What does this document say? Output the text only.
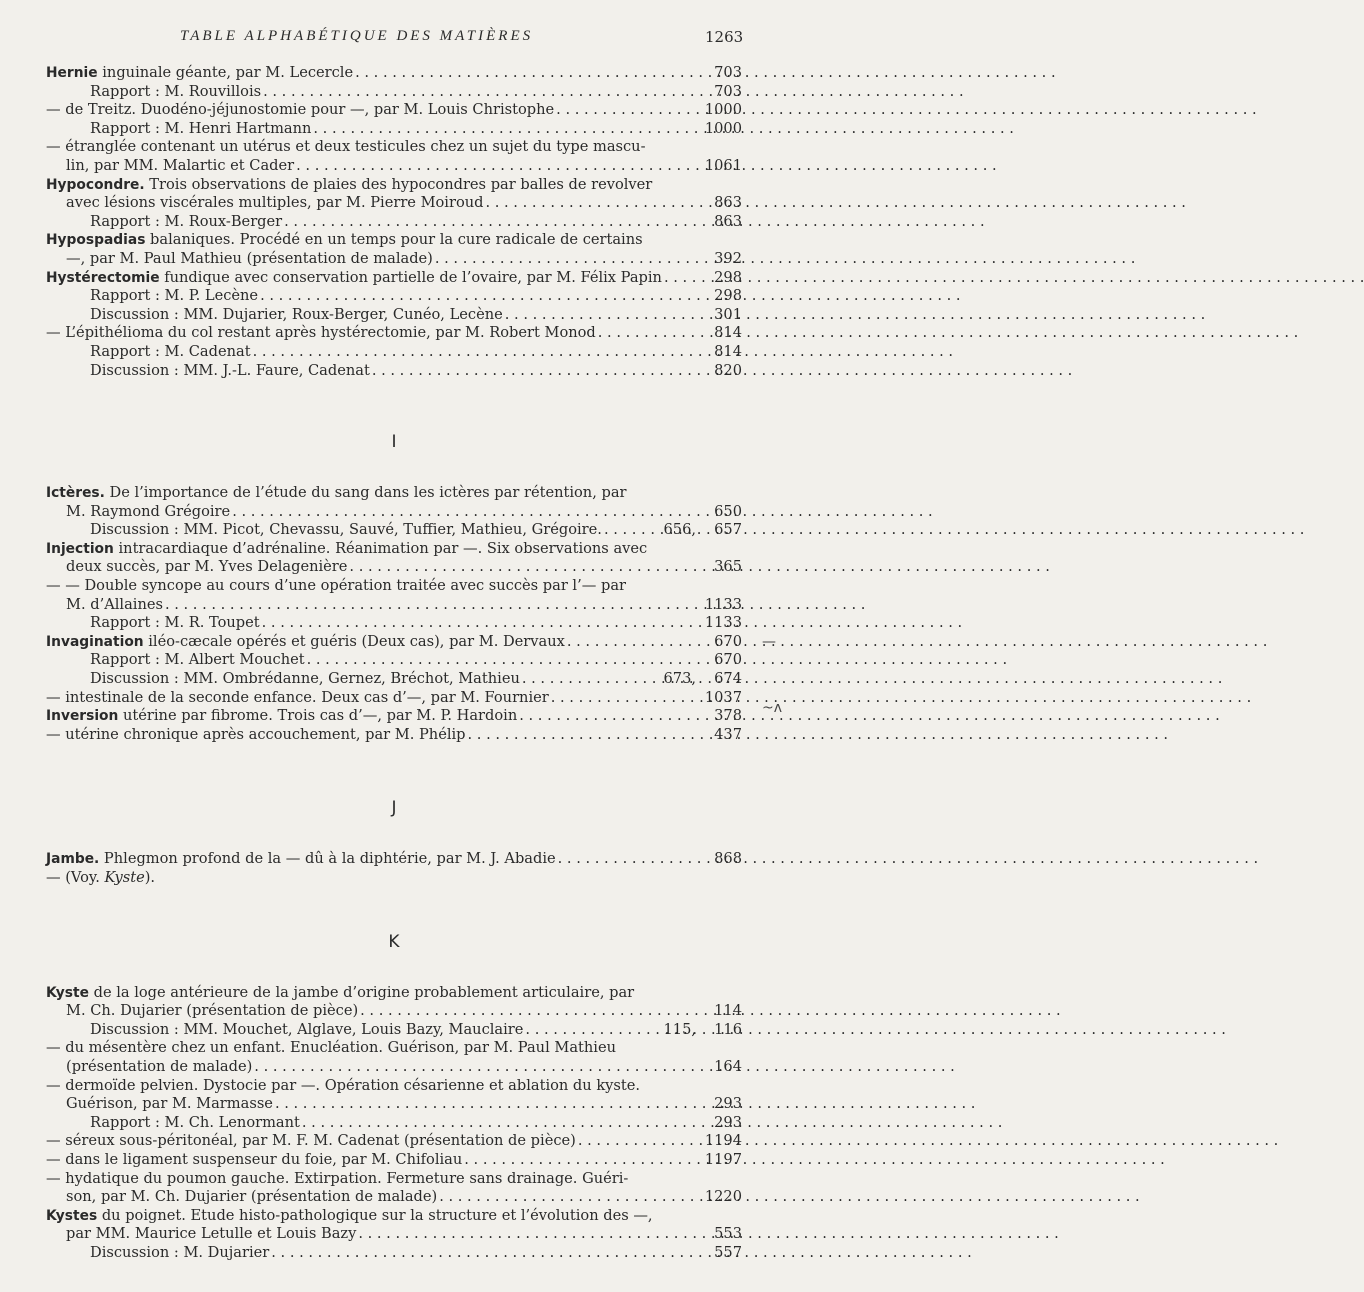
TABLE ALPHABÉTIQUE DES MATIÈRES	1263
Hernie inguinale géante, par M. Lecercle . . .	703
Rapport : M. Rouvillois . . .	703
— de Treitz. Duodéno-jéjunostomie pour —, par M. Louis Christophe . . .	1000
Rapport : M. Henri Hartmann . . .	1000
— étranglée contenant un utérus et deux testicules chez un sujet du type mascu-
lin, par MM. Malartic et Cader . . .	1061
Hypocondre. Trois observations de plaies des hypocondres par balles de revolver
avec lésions viscérales multiples, par M. Pierre Moiroud . . .	863
Rapport : M. Roux-Berger . . .	863
Hypospadias balaniques. Procédé en un temps pour la cure radicale de certains
—, par M. Paul Mathieu (présentation de malade) . . .	392
Hystérectomie fundique avec conservation partielle de l’ovaire, par M. Félix Papin . . .	298
Rapport : M. P. Lecène . . .	298
Discussion : MM. Dujarier, Roux-Berger, Cunéo, Lecène . . .	301
— L’épithélioma du col restant après hystérectomie, par M. Robert Monod . . .	814
Rapport : M. Cadenat . . .	814
Discussion : MM. J.-L. Faure, Cadenat . . .	820
I
Ictères. De l’importance de l’étude du sang dans les ictères par rétention, par
M. Raymond Grégoire . . .	650
Discussion : MM. Picot, Chevassu, Sauvé, Tuffier, Mathieu, Grégoire. . . .	656,	657
Injection intracardiaque d’adrénaline. Réanimation par —. Six observations avec
deux succès, par M. Yves Delagenière . . .	365
— — Double syncope au cours d’une opération traitée avec succès par l’— par
M. d’Allaines . . .	1133
Rapport : M. R. Toupet . . .	1133
Invagination iléo-cæcale opérés et guéris (Deux cas), par M. Dervaux . . .	670
Rapport : M. Albert Mouchet . . .	670
Discussion : MM. Ombrédanne, Gernez, Bréchot, Mathieu . . .	673,	674
— intestinale de la seconde enfance. Deux cas d’—, par M. Fournier . . .	1037
Inversion utérine par fibrome. Trois cas d’—, par M. P. Hardoin . . .	378
— utérine chronique après accouchement, par M. Phélip . . .	437
J
Jambe. Phlegmon profond de la — dû à la diphtérie, par M. J. Abadie . . .	868
— (Voy. Kyste).
K
Kyste de la loge antérieure de la jambe d’origine probablement articulaire, par
M. Ch. Dujarier (présentation de pièce) . . .	114
Discussion : MM. Mouchet, Alglave, Louis Bazy, Mauclaire . . .	115,	116
— du mésentère chez un enfant. Enucléation. Guérison, par M. Paul Mathieu
(présentation de malade) . . .	164
— dermoïde pelvien. Dystocie par —. Opération césarienne et ablation du kyste.
Guérison, par M. Marmasse . . .	293
Rapport : M. Ch. Lenormant . . .	293
— séreux sous-péritonéal, par M. F. M. Cadenat (présentation de pièce) . . .	1194
— dans le ligament suspenseur du foie, par M. Chifoliau . . .	1197
— hydatique du poumon gauche. Extirpation. Fermeture sans drainage. Guéri-
son, par M. Ch. Dujarier (présentation de malade) . . .	1220
Kystes du poignet. Etude histo-pathologique sur la structure et l’évolution des —,
par MM. Maurice Letulle et Louis Bazy . . .	553
Discussion : M. Dujarier . . .	557
—
~ʌ
